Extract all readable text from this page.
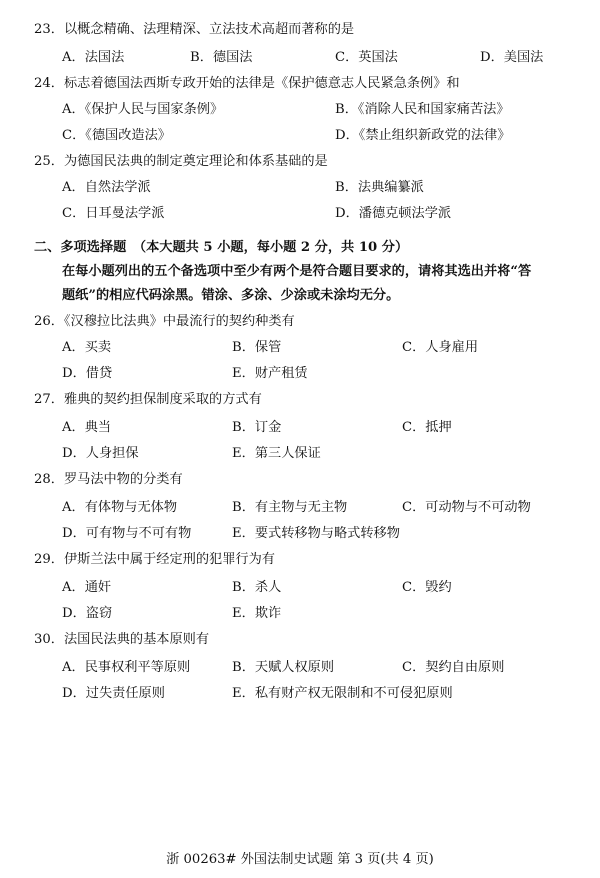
23．以概念精确、法理精深、立法技术高超而著称的是
A．法国法	B．德国法	C．英国法	D．美国法
24．标志着德国法西斯专政开始的法律是《保护德意志人民紧急条例》和
A．《保护人民与国家条例》	B．《消除人民和国家痛苦法》
C．《德国改造法》	D．《禁止组织新政党的法律》
25．为德国民法典的制定奠定理论和体系基础的是
A．自然法学派	B．法典编纂派
C．日耳曼法学派	D．潘德克顿法学派
二、多项选择题　（本大题共 5 小题，每小题 2 分，共 10 分）
在每小题列出的五个备选项中至少有两个是符合题目要求的，请将其选出并将“答
题纸”的相应代码涂黑。错涂、多涂、少涂或未涂均无分。
26．《汉穆拉比法典》中最流行的契约种类有
A．买卖	B．保管	C．人身雇用
D．借贷	E．财产租赁
27．雅典的契约担保制度采取的方式有
A．典当	B．订金	C．抵押
D．人身担保	E．第三人保证
28．罗马法中物的分类有
A．有体物与无体物	B．有主物与无主物	C．可动物与不可动物
D．可有物与不可有物	E．要式转移物与略式转移物
29．伊斯兰法中属于经定刑的犯罪行为有
A．通奸	B．杀人	C．毁约
D．盗窃	E．欺诈
30．法国民法典的基本原则有
A．民事权利平等原则	B．天赋人权原则	C．契约自由原则
D．过失责任原则	E．私有财产权无限制和不可侵犯原则
浙 00263# 外国法制史试题 第 3 页(共 4 页)
